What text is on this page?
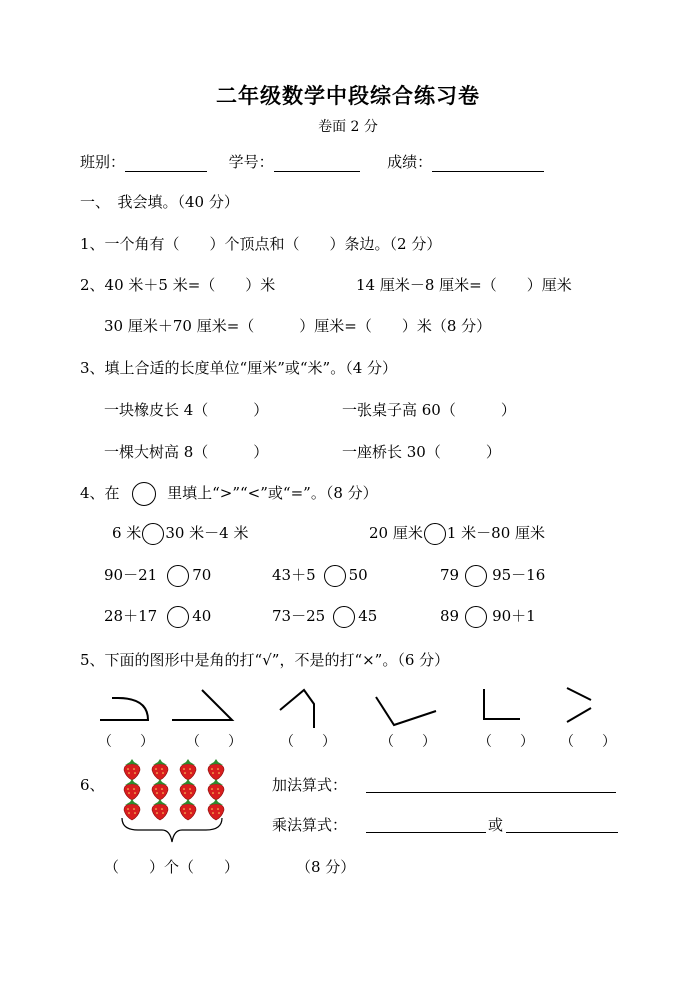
二年级数学中段综合练习卷
卷面 2 分
班别：	学号：	成绩：
一、　我会填。（40 分）
1、一个角有（　　）个顶点和（　　）条边。（2 分）
2、40 米＋5 米=（　　）米	14 厘米－8 厘米=（　　）厘米
30 厘米＋70 厘米=（　　　）厘米=（　　）米（8 分）
3、填上合适的长度单位“厘米”或“米”。（4 分）
一块橡皮长 4（　　　）	一张桌子高 60（　　　）
一棵大树高 8（　　　）	一座桥长 30（　　　）
4、在	里填上“>”“<”或“=”。（8 分）
6 米 30 米－4 米	20 厘米 1 米－80 厘米
90－21 70	43＋5 50	79 95－16
28＋17 40	73－25 45	89 90＋1
5、下面的图形中是角的打“√”，不是的打“×”。（6 分）
（　　） （　　）	（　　）	（　　）	（　　） （　　）
6、	加法算式：
乘法算式：	或
（　　）个（　　）	（8 分）
